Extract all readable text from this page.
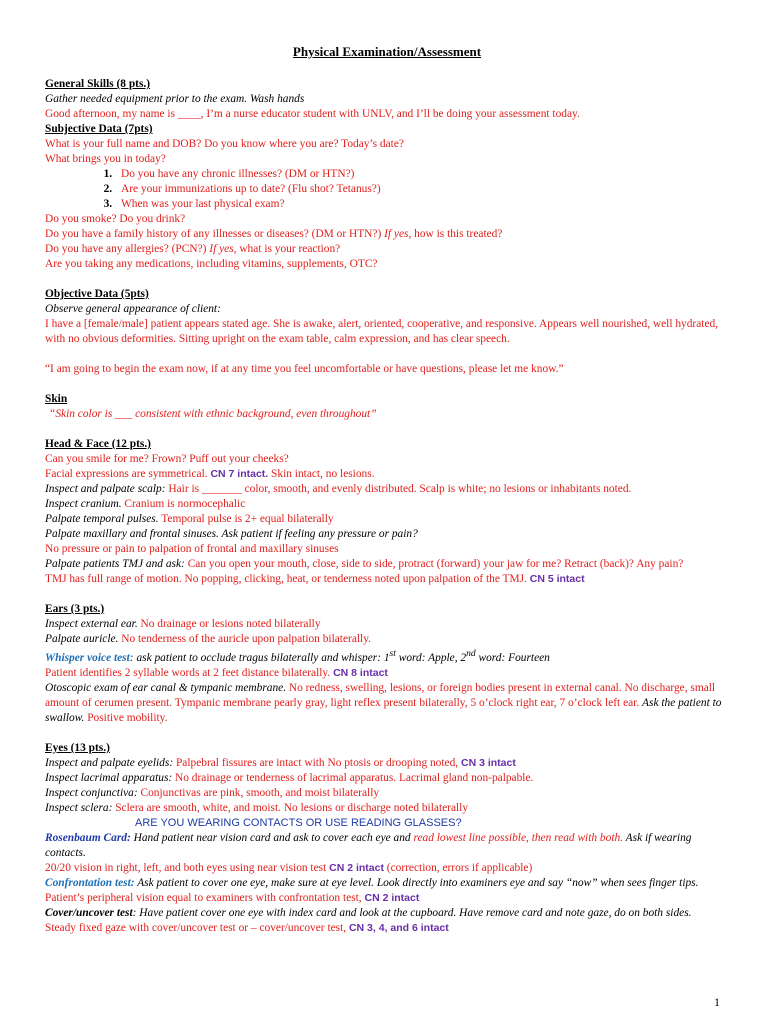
Physical Examination/Assessment
General Skills (8 pts.)
Gather needed equipment prior to the exam. Wash hands
Good afternoon, my name is ____, I’m a nurse educator student with UNLV, and I’ll be doing your assessment today.
Subjective Data (7pts)
What is your full name and DOB? Do you know where you are? Today’s date?
What brings you in today?
1. Do you have any chronic illnesses? (DM or HTN?)
2. Are your immunizations up to date? (Flu shot? Tetanus?)
3. When was your last physical exam?
Do you smoke? Do you drink?
Do you have a family history of any illnesses or diseases? (DM or HTN?) If yes, how is this treated?
Do you have any allergies? (PCN?) If yes, what is your reaction?
Are you taking any medications, including vitamins, supplements, OTC?
Objective Data (5pts)
Observe general appearance of client:
I have a [female/male] patient appears stated age. She is awake, alert, oriented, cooperative, and responsive. Appears well nourished, well hydrated, with no obvious deformities. Sitting upright on the exam table, calm expression, and has clear speech.
“I am going to begin the exam now, if at any time you feel uncomfortable or have questions, please let me know.”
Skin
“Skin color is ___ consistent with ethnic background, even throughout”
Head & Face (12 pts.)
Can you smile for me? Frown? Puff out your cheeks?
Facial expressions are symmetrical. CN 7 intact. Skin intact, no lesions.
Inspect and palpate scalp: Hair is _______ color, smooth, and evenly distributed. Scalp is white; no lesions or inhabitants noted.
Inspect cranium. Cranium is normocephalic
Palpate temporal pulses. Temporal pulse is 2+ equal bilaterally
Palpate maxillary and frontal sinuses. Ask patient if feeling any pressure or pain?
No pressure or pain to palpation of frontal and maxillary sinuses
Palpate patients TMJ and ask: Can you open your mouth, close, side to side, protract (forward) your jaw for me? Retract (back)? Any pain?
TMJ has full range of motion. No popping, clicking, heat, or tenderness noted upon palpation of the TMJ. CN 5 intact
Ears (3 pts.)
Inspect external ear. No drainage or lesions noted bilaterally
Palpate auricle. No tenderness of the auricle upon palpation bilaterally.
Whisper voice test: ask patient to occlude tragus bilaterally and whisper: 1st word: Apple, 2nd word: Fourteen
Patient identifies 2 syllable words at 2 feet distance bilaterally. CN 8 intact
Otoscopic exam of ear canal & tympanic membrane. No redness, swelling, lesions, or foreign bodies present in external canal. No discharge, small amount of cerumen present. Tympanic membrane pearly gray, light reflex present bilaterally, 5 o’clock right ear, 7 o’clock left ear. Ask the patient to swallow. Positive mobility.
Eyes (13 pts.)
Inspect and palpate eyelids: Palpebral fissures are intact with No ptosis or drooping noted, CN 3 intact
Inspect lacrimal apparatus: No drainage or tenderness of lacrimal apparatus. Lacrimal gland non-palpable.
Inspect conjunctiva: Conjunctivas are pink, smooth, and moist bilaterally
Inspect sclera: Sclera are smooth, white, and moist. No lesions or discharge noted bilaterally
ARE YOU WEARING CONTACTS OR USE READING GLASSES?
Rosenbaum Card: Hand patient near vision card and ask to cover each eye and read lowest line possible, then read with both. Ask if wearing contacts.
20/20 vision in right, left, and both eyes using near vision test CN 2 intact (correction, errors if applicable)
Confrontation test: Ask patient to cover one eye, make sure at eye level. Look directly into examiners eye and say “now” when sees finger tips.
Patient’s peripheral vision equal to examiners with confrontation test, CN 2 intact
Cover/uncover test: Have patient cover one eye with index card and look at the cupboard. Have remove card and note gaze, do on both sides.
Steady fixed gaze with cover/uncover test or – cover/uncover test, CN 3, 4, and 6 intact
1
